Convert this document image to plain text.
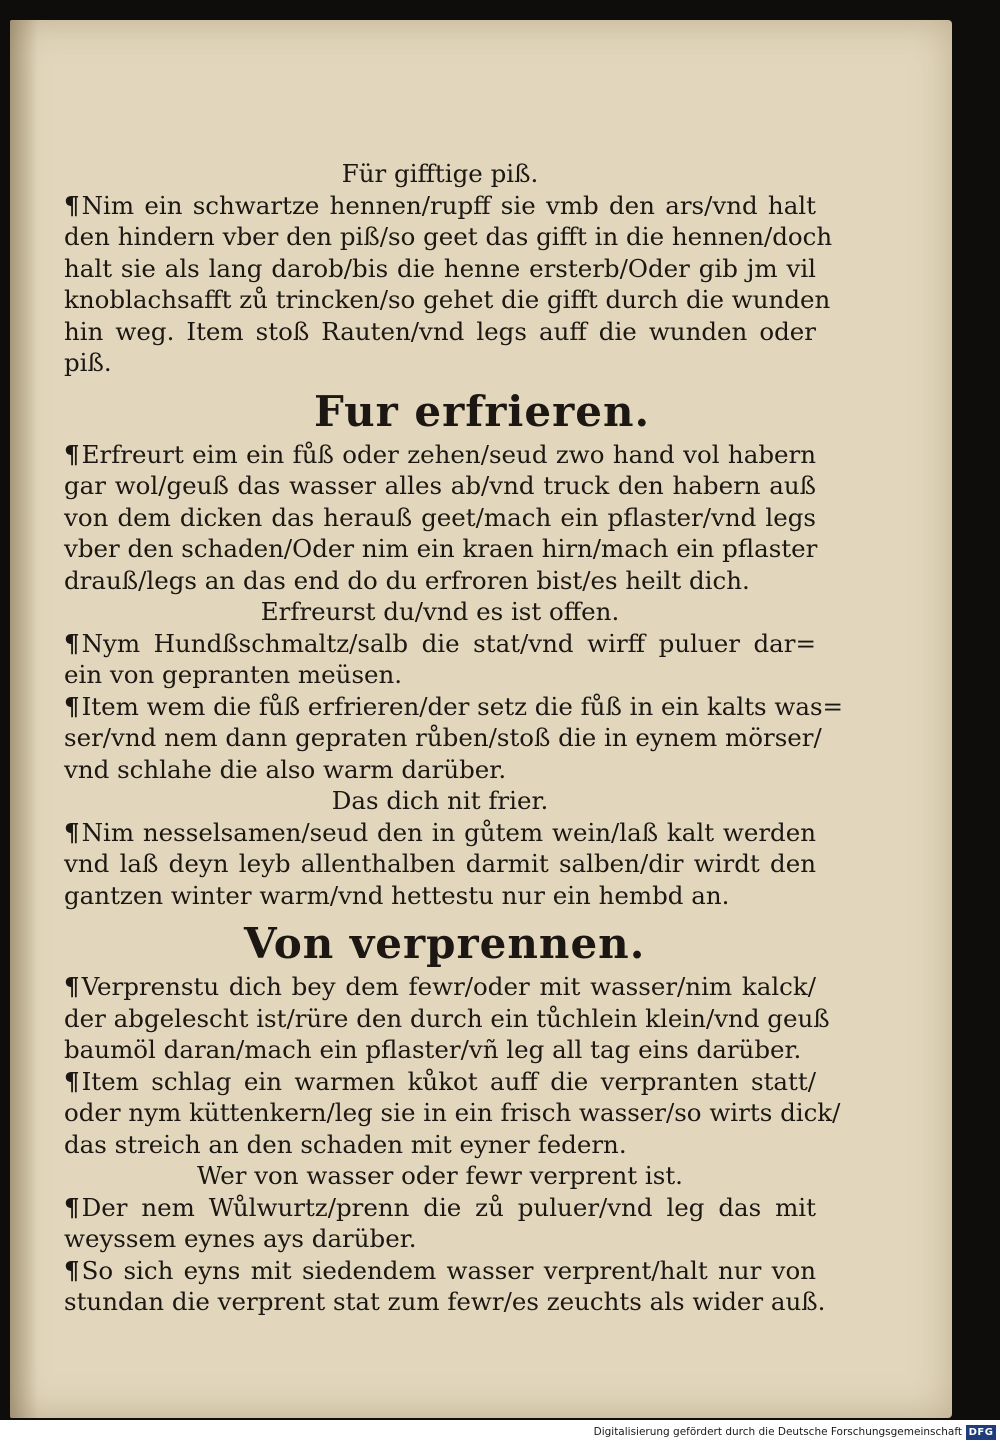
Für gifftige piß.
¶Nim ein schwartze hennen/rupff sie vmb den ars/vnd halt
den hindern vber den piß/so geet das gifft in die hennen/doch
halt sie als lang darob/bis die henne ersterb/Oder gib jm vil
knoblachsafft zů trincken/so gehet die gifft durch die wunden
hin weg. Item stoß Rauten/vnd legs auff die wunden oder
piß.
Fur erfrieren.
¶Erfreurt eim ein fůß oder zehen/seud zwo hand vol habern
gar wol/geuß das wasser alles ab/vnd truck den habern auß
von dem dicken das herauß geet/mach ein pflaster/vnd legs
vber den schaden/Oder nim ein kraen hirn/mach ein pflaster
drauß/legs an das end do du erfroren bist/es heilt dich.
Erfreurst du/vnd es ist offen.
¶Nym Hundßschmaltz/salb die stat/vnd wirff puluer dar=
ein von gepranten meüsen.
¶Item wem die fůß erfrieren/der setz die fůß in ein kalts was=
ser/vnd nem dann gepraten růben/stoß die in eynem mörser/
vnd schlahe die also warm darüber.
Das dich nit frier.
¶Nim nesselsamen/seud den in gůtem wein/laß kalt werden
vnd laß deyn leyb allenthalben darmit salben/dir wirdt den
gantzen winter warm/vnd hettestu nur ein hembd an.
Von verprennen.
¶Verprenstu dich bey dem fewr/oder mit wasser/nim kalck/
der abgelescht ist/rüre den durch ein tůchlein klein/vnd geuß
baumöl daran/mach ein pflaster/vñ leg all tag eins darüber.
¶Item schlag ein warmen kůkot auff die verpranten statt/
oder nym küttenkern/leg sie in ein frisch wasser/so wirts dick/
das streich an den schaden mit eyner federn.
Wer von wasser oder fewr verprent ist.
¶Der nem Wůlwurtz/prenn die zů puluer/vnd leg das mit
weyssem eynes ays darüber.
¶So sich eyns mit siedendem wasser verprent/halt nur von
stundan die verprent stat zum fewr/es zeuchts als wider auß.
Digitalisierung gefördert durch die Deutsche Forschungsgemeinschaft DFG
